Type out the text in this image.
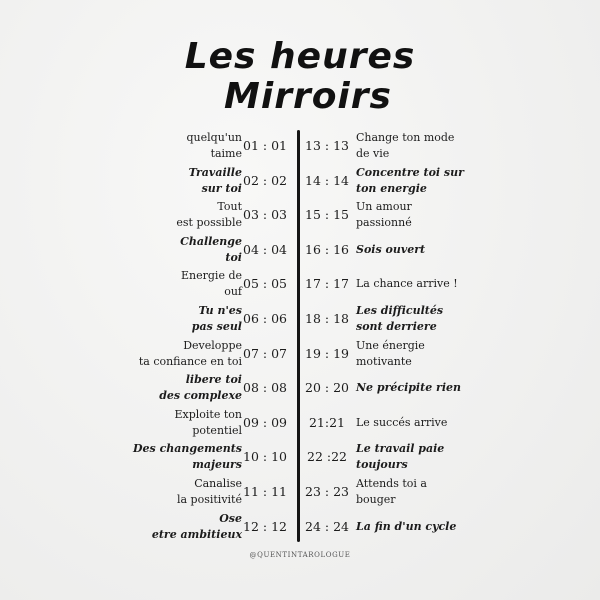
Les heures
Mirroirs
quelqu'un
taime
01 : 01 13 : 13
Change ton mode
de vie
Travaille
sur toi
02 : 02 14 : 14
Concentre toi sur
ton energie
Tout
est possible
03 : 03 15 : 15
Un amour
passionné
Challenge
toi
04 : 04 16 : 16 Sois ouvert
Energie de
ouf
05 : 05 17 : 17 La chance arrive !
Tu n'es
pas seul
06 : 06 18 : 18
Les difficultés
sont derriere
Developpe
ta confiance en toi
07 : 07 19 : 19
Une énergie
motivante
libere toi
des complexe
08 : 08 20 : 20 Ne précipite rien
Exploite ton
potentiel
09 : 09	21:21 Le succés arrive
Des changements
majeurs
10 : 10	22 :22
Le travail paie
toujours
Canalise
la positivité
11 : 11 23 : 23
Attends toi a
bouger
Ose
etre ambitieux
12 : 12 24 : 24 La fin d'un cycle
@QUENTINTAROLOGUE
